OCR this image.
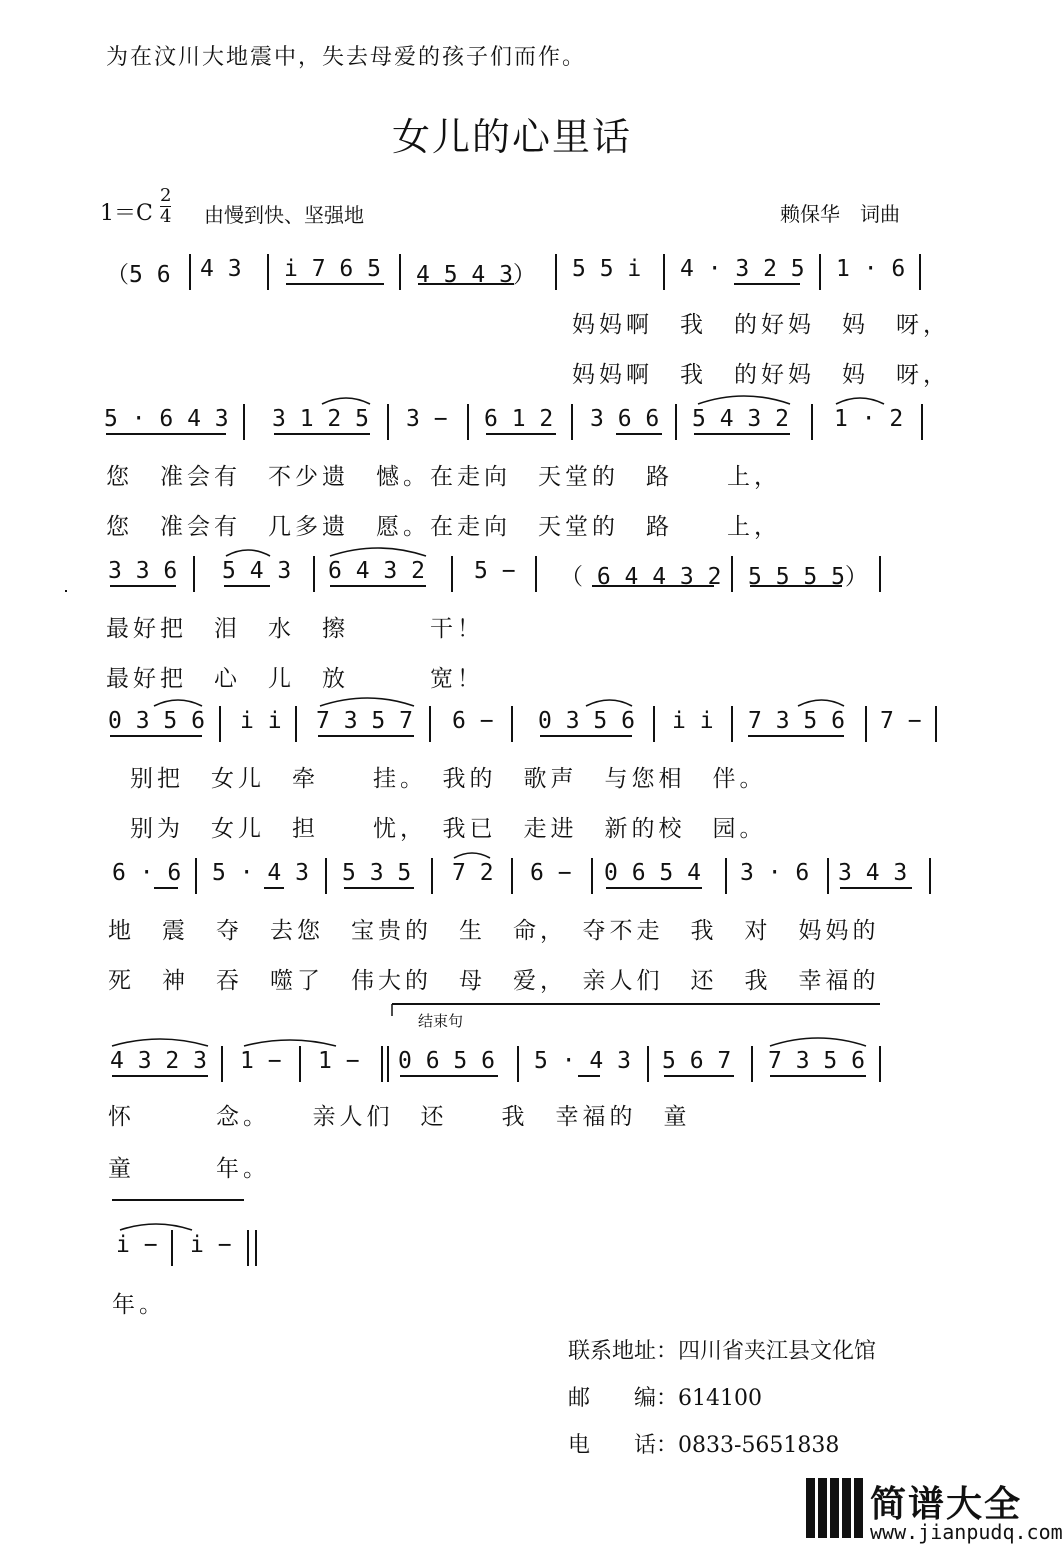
为在汶川大地震中，失去母爱的孩子们而作。
女儿的心里话
$1=C \frac{2}{4}$ 由慢到快、坚强地	赖保华　词曲
（5 6 4 3 i 7 6 5 4 5 4 3） 5 5 i 4 · 3 2 5 1 · 6
妈妈啊　我　的好妈　妈　呀，
妈妈啊　我　的好妈　妈　呀，
5 · 6 4 3 3 1 2 5 3 − 6 1 2 3 6 6 5 4 3 2 1 · 2
您　准会有　不少遗　憾。在走向　天堂的　路　　上，
您　准会有　几多遗　愿。在走向　天堂的　路　　上，
3 3 6 5 4 3 6 4 3 2 5 − （ 6 4 4 3 2 5 5 5 5）
最好把　泪　水　擦　　　干！
最好把　心　儿　放　　　宽！
0 3 5 6 i i 7 3 5 7 6 − 0 3 5 6 i i 7 3 5 6 7 −
别把　女儿　牵　　挂。　我的　歌声　与您相　伴。
别为　女儿　担　　忧，　我已　走进　新的校　园。
6 · 6 5 · 4 3 5 3 5 7 2 6 − 0 6 5 4 3 · 6 3 4 3
地　震　夺　去您　宝贵的　生　命，　夺不走　我　对　妈妈的
死　神　吞　噬了　伟大的　母　爱，　亲人们　还　我　幸福的
4 3 2 3 1 − 1 − 0 6 5 6 5 · 4 3 5 6 7 7 3 5 6
怀　　　念。　　亲人们　还　　我　幸福的　童
童　　　年。
i − i −
年。
结束句
联系地址：四川省夹江县文化馆
邮　　编：614100
电　　话：0833-5651838
简谱大全
www.jianpudq.com
